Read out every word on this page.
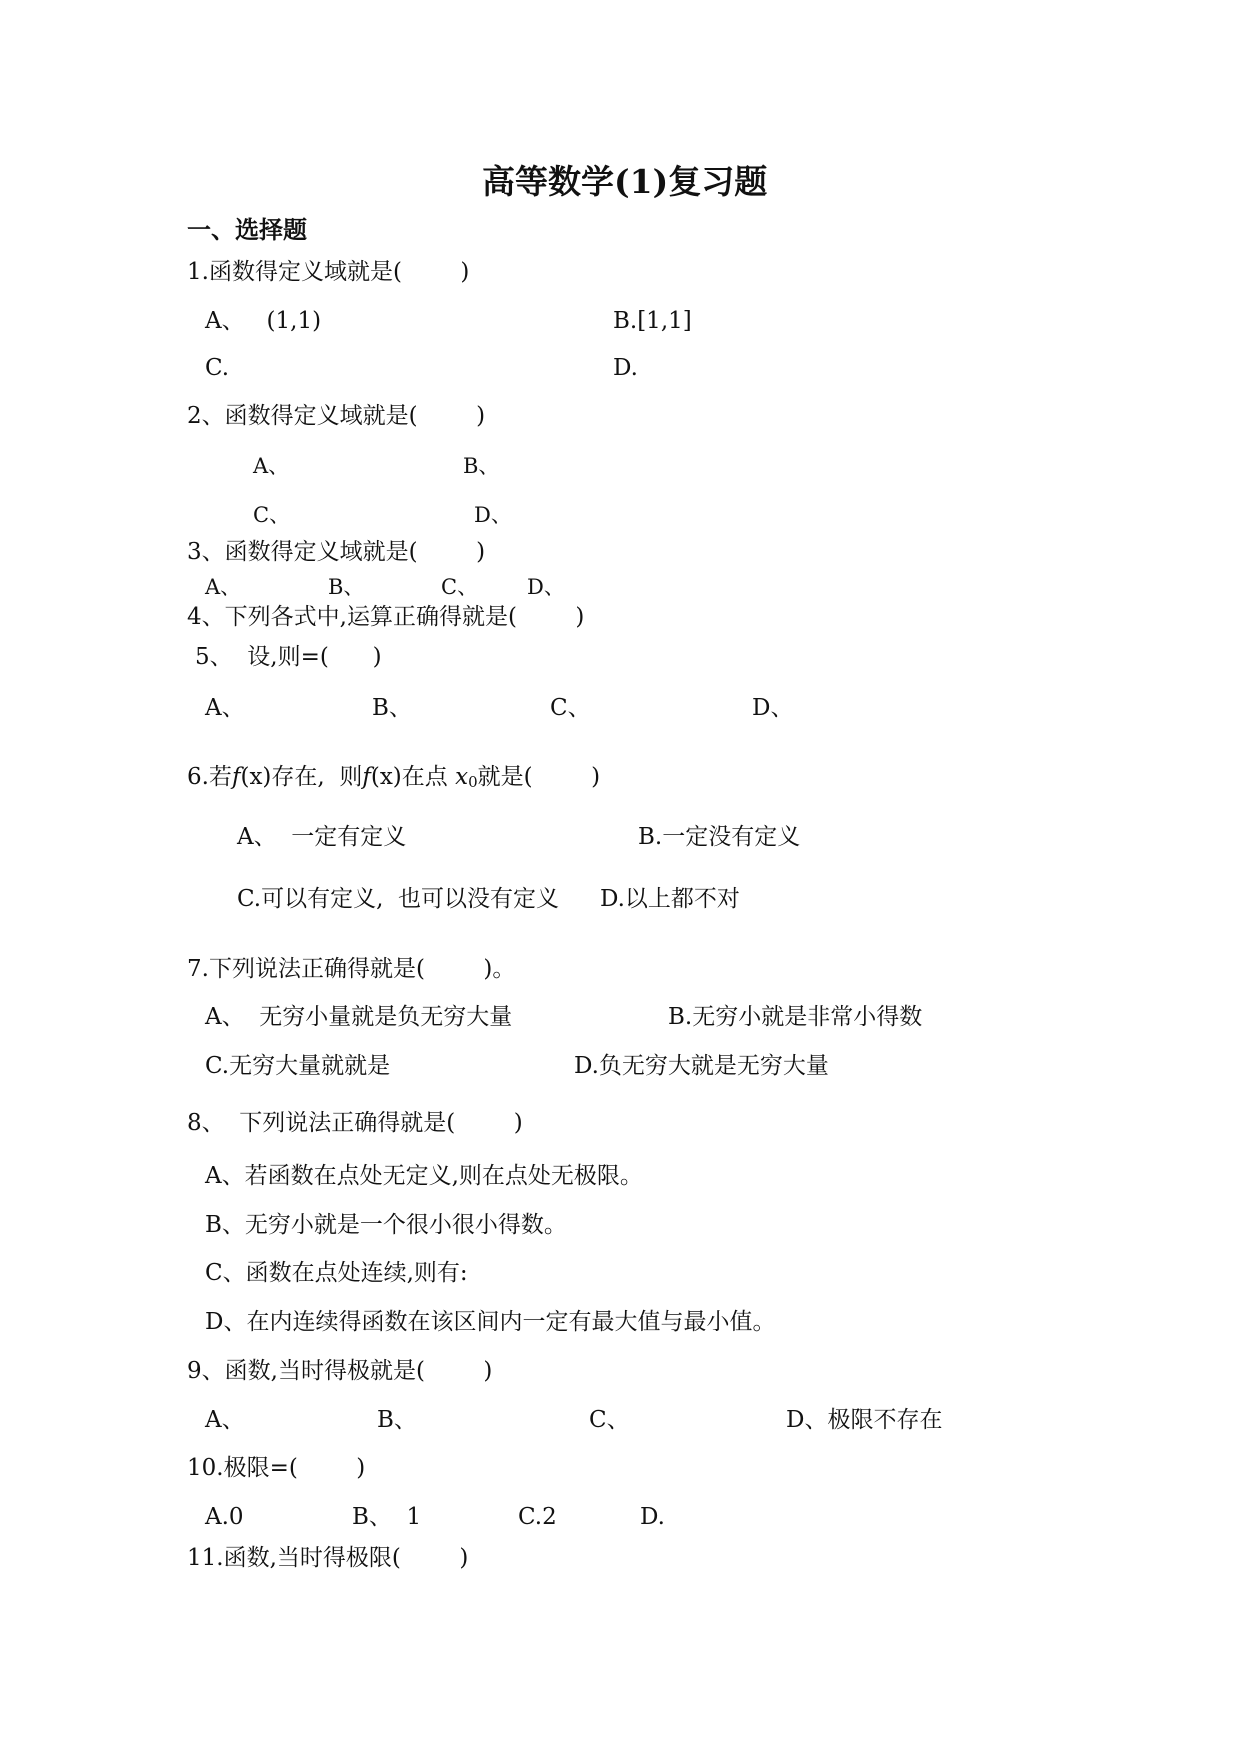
高等数学(1)复习题
一、选择题
1.函数得定义域就是(        )
A、   (1,1)	B.[1,1]
C.	D.
2、函数得定义域就是(        )
A、	B、
C、	D、
3、函数得定义域就是(        )
A、	B、	C、 D、
4、下列各式中,运算正确得就是(        )
5、  设,则=(      )
A、	B、	C、	D、
6.若f(x)存在,  则f(x)在点 $x_0$就是(        )
A、  一定有定义	B.一定没有定义
C.可以有定义,  也可以没有定义 D.以上都不对
7.下列说法正确得就是(        )。
A、  无穷小量就是负无穷大量	B.无穷小就是非常小得数
C.无穷大量就就是	D.负无穷大就是无穷大量
8、  下列说法正确得就是(        )
A、若函数在点处无定义,则在点处无极限。
B、无穷小就是一个很小很小得数。
C、函数在点处连续,则有:
D、在内连续得函数在该区间内一定有最大值与最小值。
9、函数,当时得极就是(        )
A、	B、	C、	D、极限不存在
10.极限=(        )
A.0	B、  1	C.2	D.
11.函数,当时得极限(        )
